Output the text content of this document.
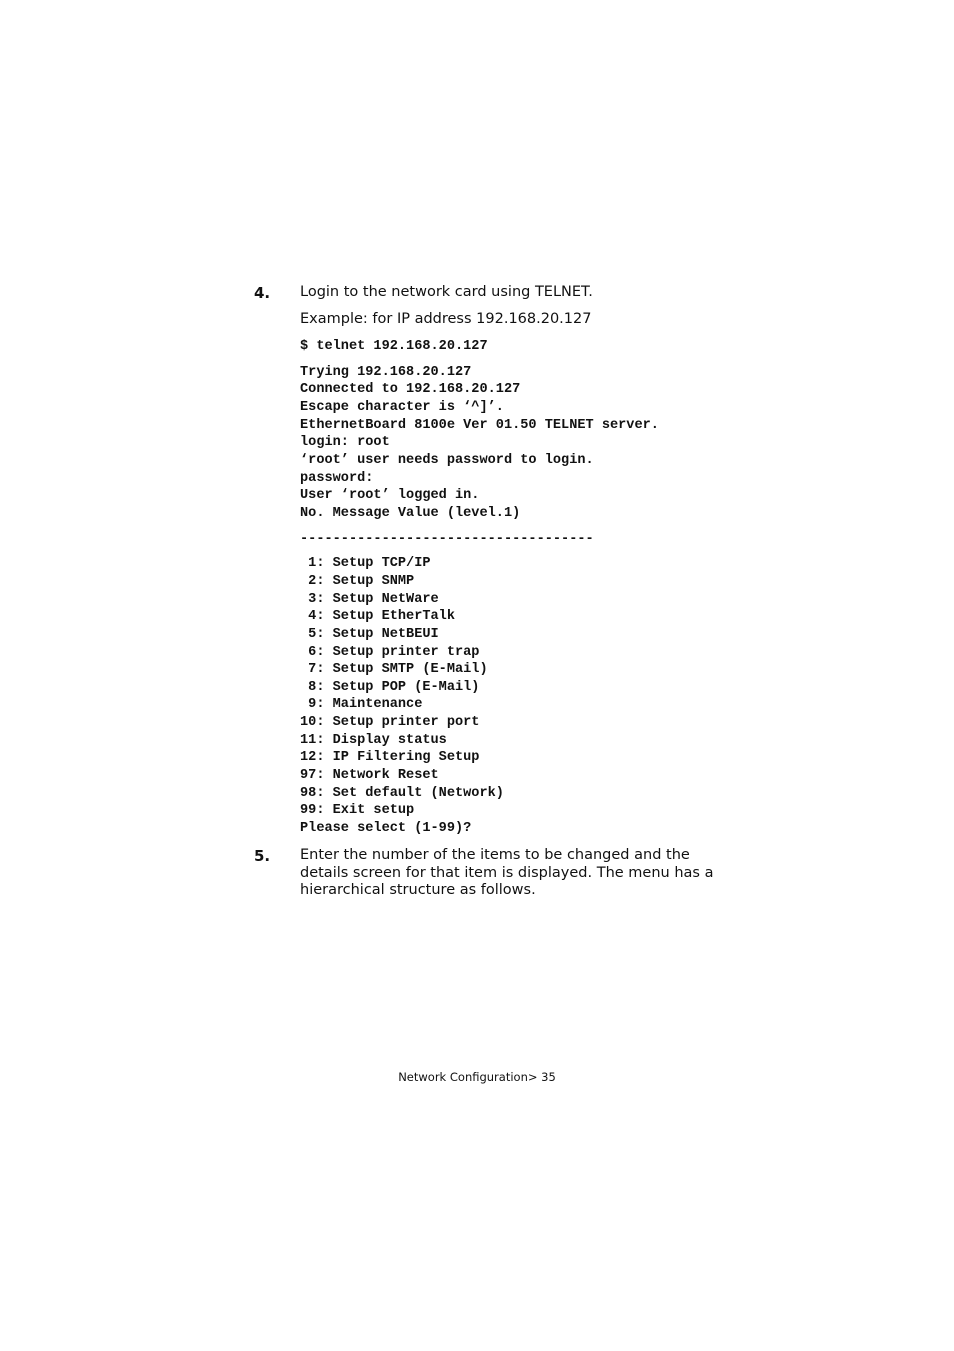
4. Login to the network card using TELNET.

Example: for IP address 192.168.20.127

$ telnet 192.168.20.127

Trying 192.168.20.127
Connected to 192.168.20.127
Escape character is ‘^]’.
EthernetBoard 8100e Ver 01.50 TELNET server.
login: root
‘root’ user needs password to login.
password:
User ‘root’ logged in.
No. Message Value (level.1)
------------------------------------
1: Setup TCP/IP
2: Setup SNMP
3: Setup NetWare
4: Setup EtherTalk
5: Setup NetBEUI
6: Setup printer trap
7: Setup SMTP (E-Mail)
8: Setup POP (E-Mail)
9: Maintenance
10: Setup printer port
11: Display status
12: IP Filtering Setup
97: Network Reset
98: Set default (Network)
99: Exit setup
Please select (1-99)?
5. Enter the number of the items to be changed and the details screen for that item is displayed. The menu has a hierarchical structure as follows.

Network Configuration> 35
